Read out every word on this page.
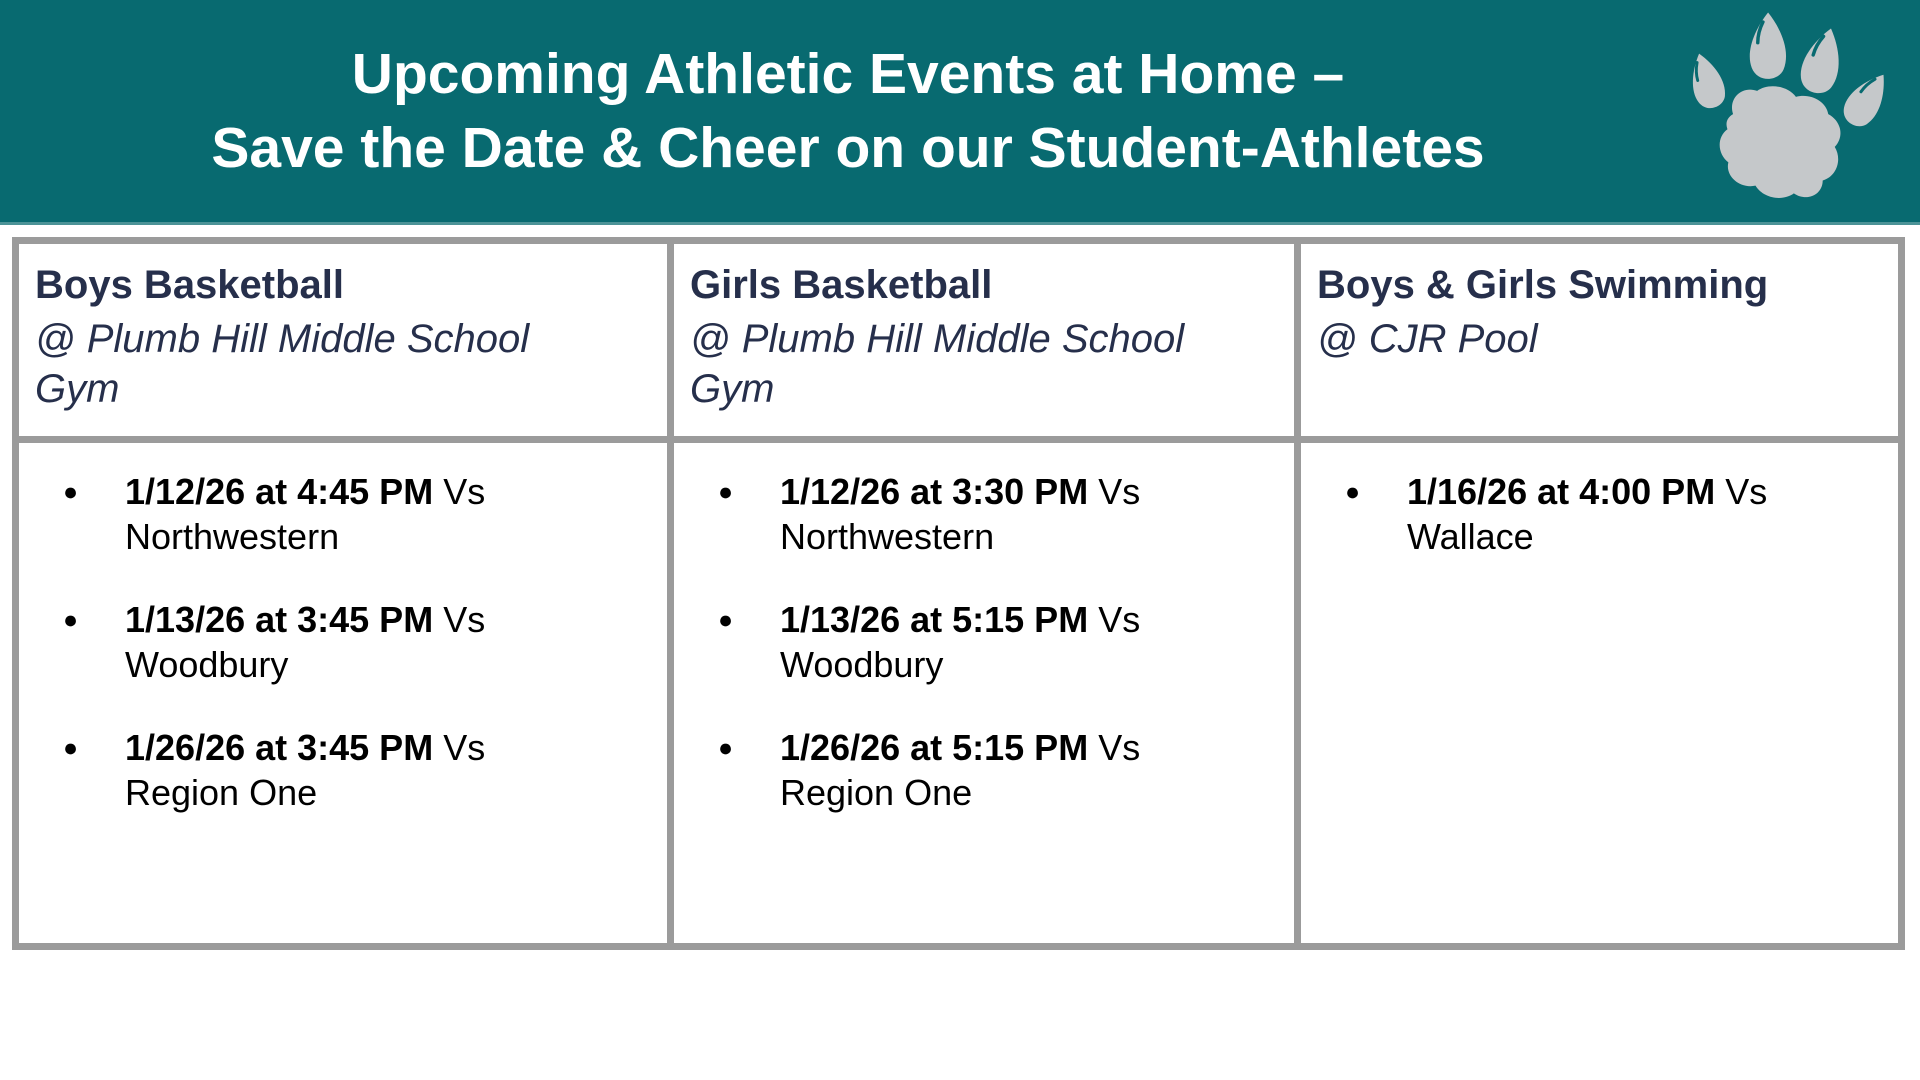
Upcoming Athletic Events at Home –
Save the Date & Cheer on our Student-Athletes
Boys Basketball
@ Plumb Hill Middle School Gym
Girls Basketball
@ Plumb Hill Middle School Gym
Boys & Girls Swimming
@ CJR Pool
● 1/12/26 at 4:45 PM Vs Northwestern
● 1/13/26 at 3:45 PM Vs Woodbury
● 1/26/26 at 3:45 PM Vs Region One
● 1/12/26 at 3:30 PM Vs Northwestern
● 1/13/26 at 5:15 PM Vs Woodbury
● 1/26/26 at 5:15 PM Vs Region One
● 1/16/26 at 4:00 PM Vs Wallace
